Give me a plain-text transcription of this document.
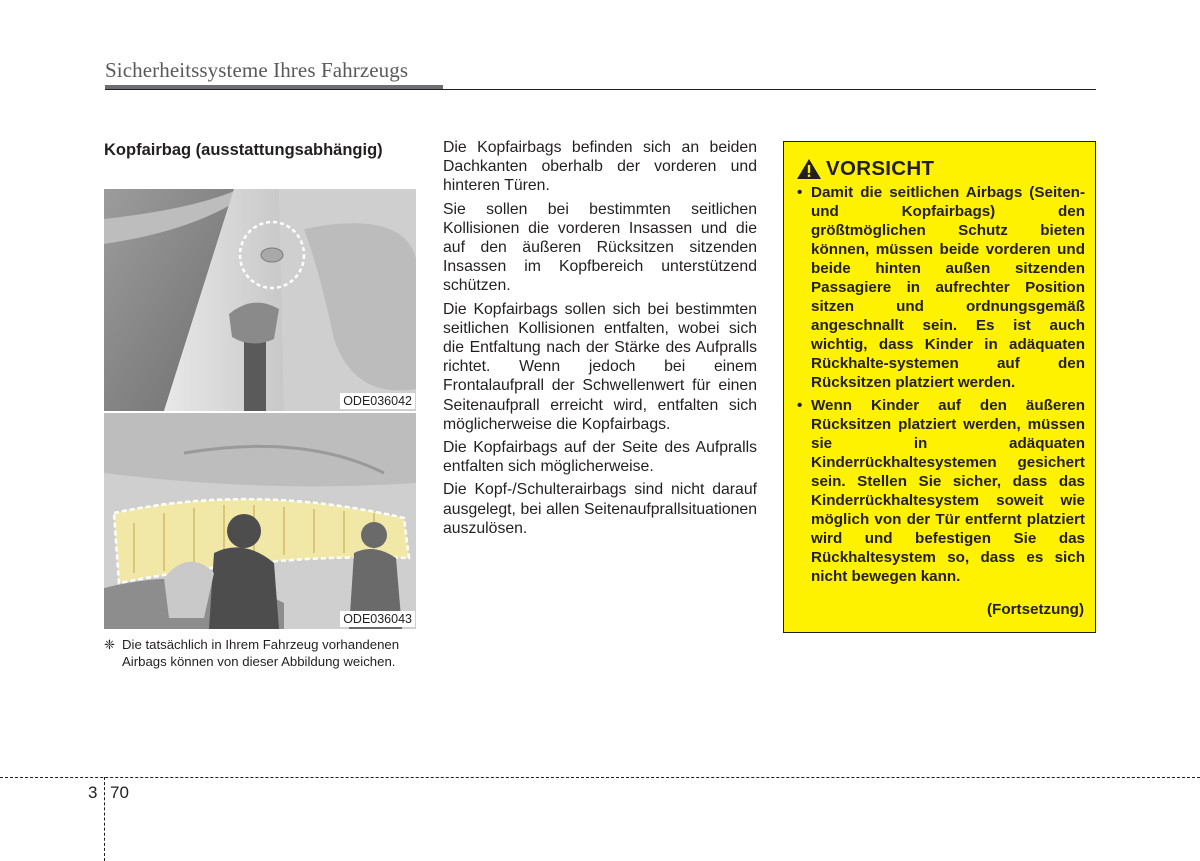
Sicherheitssysteme Ihres Fahrzeugs
Kopfairbag (ausstattungsabhängig)
ODE036042
ODE036043
❈ Die tatsächlich in Ihrem Fahrzeug vorhandenen Airbags können von dieser Abbildung weichen.

Die Kopfairbags befinden sich an beiden Dachkanten oberhalb der vorderen und hinteren Türen.

Sie sollen bei bestimmten seitlichen Kollisionen die vorderen Insassen und die auf den äußeren Rücksitzen sitzenden Insassen im Kopfbereich unterstützend schützen.

Die Kopfairbags sollen sich bei bestimmten seitlichen Kollisionen entfalten, wobei sich die Entfaltung nach der Stärke des Aufpralls richtet. Wenn jedoch bei einem Frontalaufprall der Schwellenwert für einen Seitenaufprall erreicht wird, entfalten sich möglicherweise die Kopfairbags.

Die Kopfairbags auf der Seite des Aufpralls entfalten sich möglicherweise.

Die Kopf-/Schulterairbags sind nicht darauf ausgelegt, bei allen Seitenaufprallsituationen auszulösen.

VORSICHT
• Damit die seitlichen Airbags (Seiten- und Kopfairbags) den größtmöglichen Schutz bieten können, müssen beide vorderen und beide hinten außen sitzenden Passagiere in aufrechter Position sitzen und ordnungsgemäß angeschnallt sein. Es ist auch wichtig, dass Kinder in adäquaten Rückhalte-systemen auf den Rücksitzen platziert werden.
• Wenn Kinder auf den äußeren Rücksitzen platziert werden, müssen sie in adäquaten Kinderrückhaltesystemen gesichert sein. Stellen Sie sicher, dass das Kinderrückhaltesystem soweit wie möglich von der Tür entfernt platziert wird und befestigen Sie das Rückhaltesystem so, dass es sich nicht bewegen kann.
(Fortsetzung)
3 70
